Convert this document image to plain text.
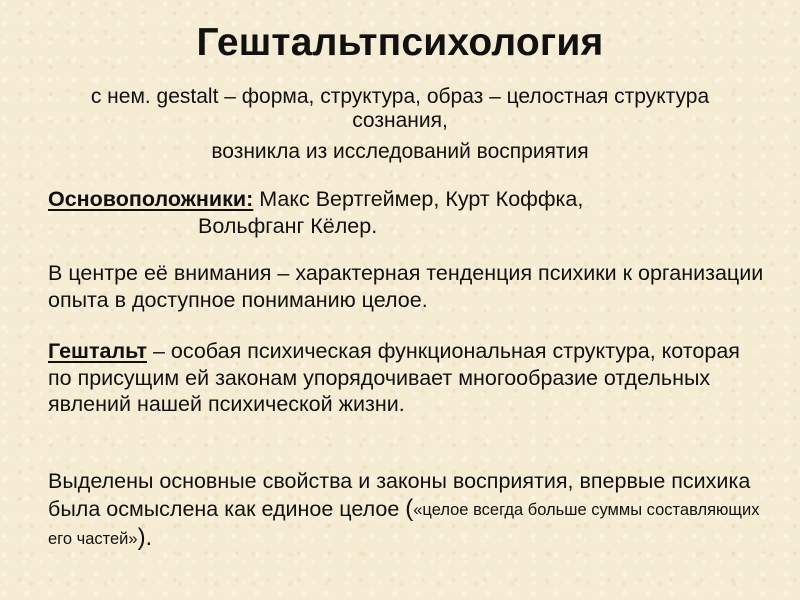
Гештальтпсихология
с нем. gestalt – форма, структура, образ – целостная структура сознания,
возникла из исследований восприятия
Основоположники: Макс Вертгеймер, Курт Коффка,
Вольфганг Кёлер.
В центре её внимания – характерная тенденция психики к организации опыта в доступное пониманию целое.
Гештальт – особая психическая функциональная структура, которая по присущим ей законам упорядочивает многообразие отдельных явлений нашей психической жизни.
Выделены основные свойства и законы восприятия, впервые психика была осмыслена как единое целое («целое всегда больше суммы составляющих его частей»).
